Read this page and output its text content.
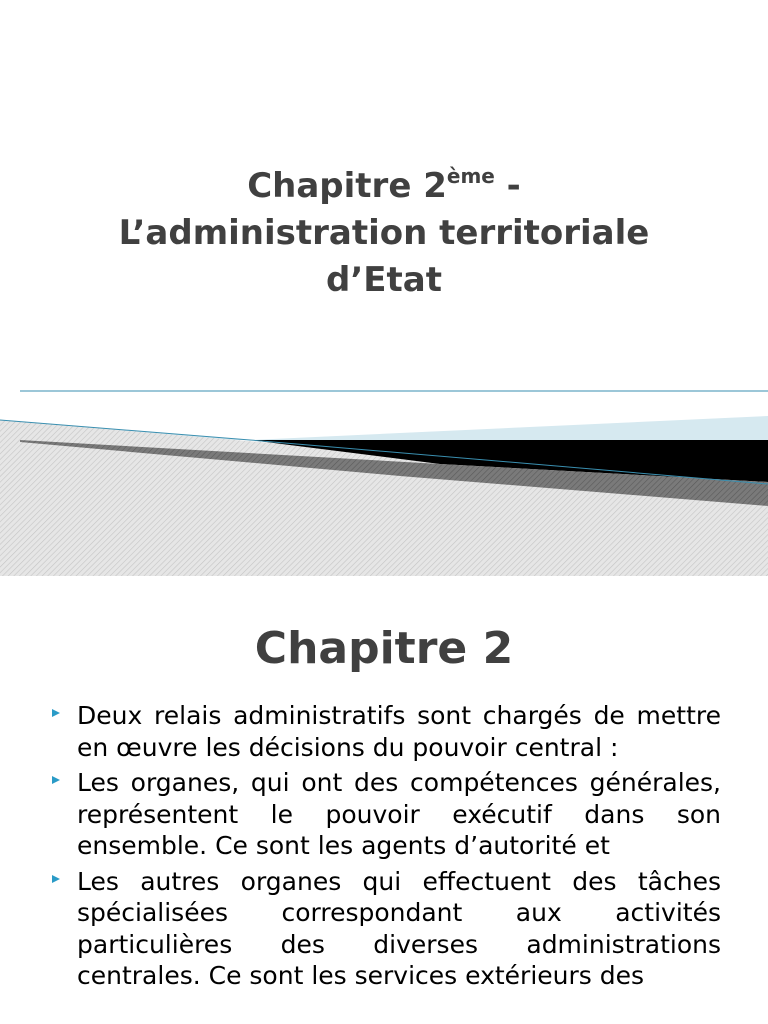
Chapitre 2ème -
L’administration territoriale
d’Etat
Chapitre 2
Deux relais administratifs sont chargés de mettre en œuvre les décisions du pouvoir central :
Les organes, qui ont des compétences générales, représentent le pouvoir exécutif dans son ensemble. Ce sont les agents d’autorité et
Les autres organes qui effectuent des tâches spécialisées correspondant aux activités particulières des diverses administrations centrales. Ce sont les services extérieurs des
